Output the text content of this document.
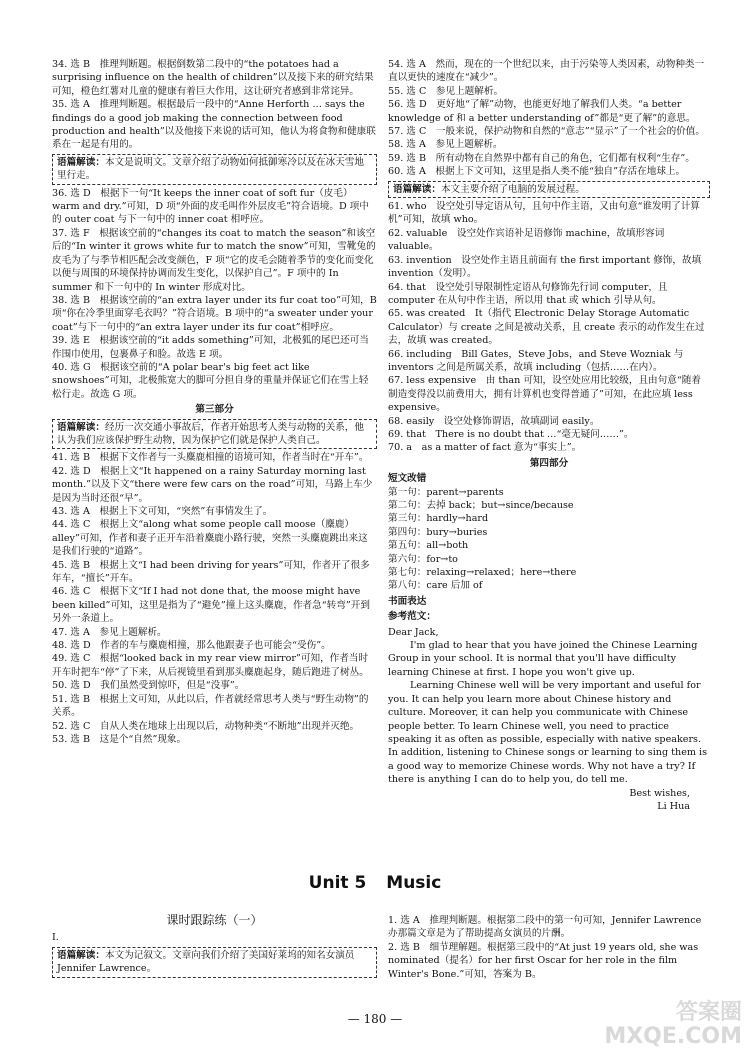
34. 选 B　推理判断题。根据倒数第二段中的“the potatoes had a surprising influence on the health of children”以及接下来的研究结果可知，橙色红薯对儿童的健康有着巨大作用，这让研究者感到非常诧异。

35. 选 A　推理判断题。根据最后一段中的“Anne Herforth … says the findings do a good job making the connection between food production and health”以及他接下来说的话可知，他认为将食物和健康联系在一起是有用的。

语篇解读：本文是说明文。文章介绍了动物如何抵御寒冷以及在冰天雪地里行走。

36. 选 D　根据下一句“It keeps the inner coat of soft fur（皮毛）warm and dry.”可知，D 项“外面的皮毛叫作外层皮毛”符合语境。D 项中的 outer coat 与下一句中的 inner coat 相呼应。

37. 选 F　根据该空前的“changes its coat to match the season”和该空后的“In winter it grows white fur to match the snow”可知，雪靴兔的皮毛为了与季节相匹配会改变颜色，F 项“它的皮毛会随着季节的变化而变化以便与周围的环境保持协调而发生变化，以保护自己”。F 项中的 In summer 和下一句中的 In winter 形成对比。

38. 选 B　根据该空前的“an extra layer under its fur coat too”可知，B 项“你在冷季里面穿毛衣吗？”符合语境。B 项中的“a sweater under your coat”与下一句中的“an extra layer under its fur coat”相呼应。

39. 选 E　根据该空前的“it adds something”可知，北极狐的尾巴还可当作围巾使用，包裹鼻子和脸。故选 E 项。

40. 选 G　根据该空前的“A polar bear's big feet act like snowshoes”可知，北极熊宽大的脚可分担自身的重量并保证它们在雪上轻松行走。故选 G 项。

第三部分
语篇解读：经历一次交通小事故后，作者开始思考人类与动物的关系，他认为我们应该保护野生动物，因为保护它们就是保护人类自己。

41. 选 B　根据下文作者与一头麋鹿相撞的语境可知，作者当时在“开车”。

42. 选 D　根据上文“It happened on a rainy Saturday morning last month.”以及下文“there were few cars on the road”可知，马路上车少是因为当时还很“早”。

43. 选 A　根据上下文可知，“突然”有事情发生了。

44. 选 C　根据上文“along what some people call moose（麋鹿）alley”可知，作者和妻子正开车沿着麋鹿小路行驶，突然一头麋鹿跳出来这是我们行驶的“道路”。

45. 选 B　根据上文“I had been driving for years”可知，作者开了很多年车，“擅长”开车。

46. 选 C　根据下文“If I had not done that, the moose might have been killed”可知，这里是指为了“避免”撞上这头麋鹿，作者急“转弯”开到另外一条道上。

47. 选 A　参见上题解析。

48. 选 D　作者的车与麋鹿相撞，那么他跟妻子也可能会“受伤”。

49. 选 C　根据“looked back in my rear view mirror”可知，作者当时开车时把车“停”了下来，从后视镜里看到那头麋鹿起身，随后跑进了树丛。

50. 选 D　我们虽然受到惊吓，但是“没事”。

51. 选 B　根据上文可知，从此以后，作者就经常思考人类与“野生动物”的关系。

52. 选 C　自从人类在地球上出现以后，动物种类“不断地”出现并灭绝。

53. 选 B　这是个“自然”现象。

54. 选 A　然而，现在的一个世纪以来，由于污染等人类因素，动物种类一直以更快的速度在“减少”。

55. 选 C　参见上题解析。

56. 选 D　更好地“了解”动物，也能更好地了解我们人类。“a better knowledge of 和 a better understanding of”都是“更了解”的意思。

57. 选 C　一般来说，保护动物和自然的“意志”“显示”了一个社会的价值。

58. 选 A　参见上题解析。

59. 选 B　所有动物在自然界中都有自己的角色，它们都有权利“生存”。

60. 选 A　根据上下文可知，这里是指人类不能“独自”存活在地球上。

语篇解读：本文主要介绍了电脑的发展过程。

61. who　设空处引导定语从句，且句中作主语，又由句意“谁发明了计算机”可知，故填 who。

62. valuable　设空处作宾语补足语修饰 machine，故填形容词 valuable。

63. invention　设空处作主语且前面有 the first important 修饰，故填 invention（发明）。

64. that　设空处引导限制性定语从句修饰先行词 computer，且 computer 在从句中作主语，所以用 that 或 which 引导从句。

65. was created　It（指代 Electronic Delay Storage Automatic Calculator）与 create 之间是被动关系，且 create 表示的动作发生在过去，故填 was created。

66. including　Bill Gates，Steve Jobs，and Steve Wozniak 与 inventors 之间是所属关系，故填 including（包括……在内）。

67. less expensive　由 than 可知，设空处应用比较级，且由句意“随着制造变得没以前费用大，拥有计算机也变得普通了”可知，在此应填 less expensive。

68. easily　设空处修饰谓语，故填副词 easily。

69. that　There is no doubt that …“毫无疑问……”。

70. a　as a matter of fact 意为“事实上”。

第四部分
短文改错
第一句：parent→parents
第二句：去掉 back；but→since/because
第三句：hardly→hard
第四句：bury→buries
第五句：all→both
第六句：for→to
第七句：relaxing→relaxed；here→there
第八句：care 后加 of
书面表达
参考范文：
Dear Jack,

I'm glad to hear that you have joined the Chinese Learning Group in your school. It is normal that you'll have difficulty learning Chinese at first. I hope you won't give up.

Learning Chinese well will be very important and useful for you. It can help you learn more about Chinese history and culture. Moreover, it can help you communicate with Chinese people better. To learn Chinese well, you need to practice speaking it as often as possible, especially with native speakers. In addition, listening to Chinese songs or learning to sing them is a good way to memorize Chinese words. Why not have a try? If there is anything I can do to help you, do tell me.

Best wishes,
Li Hua
Unit 5 Music
课时跟踪练（一）
Ⅰ.
语篇解读：本文为记叙文。文章向我们介绍了美国好莱坞的知名女演员 Jennifer Lawrence。

1. 选 A　推理判断题。根据第二段中的第一句可知，Jennifer Lawrence 办那篇文章是为了帮助提高女演员的片酬。

2. 选 B　细节理解题。根据第三段中的“At just 19 years old, she was nominated（提名）for her first Oscar for her role in the film Winter's Bone.”可知，答案为 B。

— 180 —	答案圈
MXQE.COM
